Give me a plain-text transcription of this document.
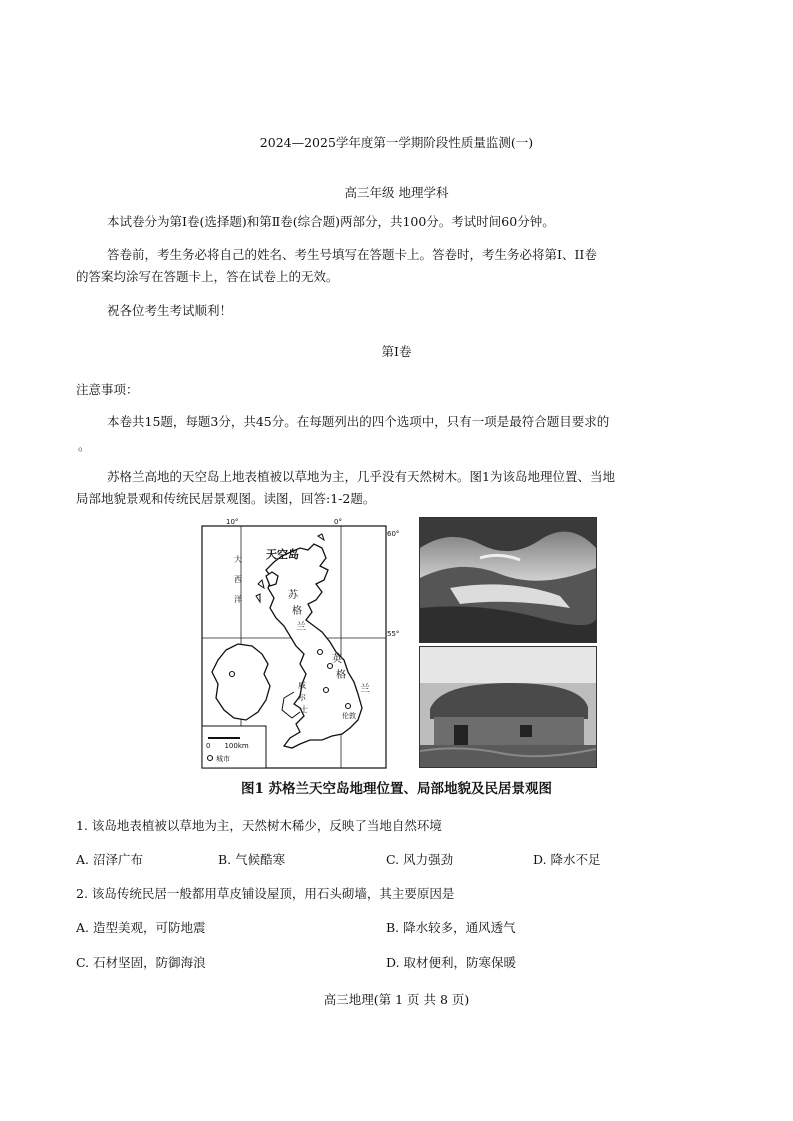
2024—2025学年度第一学期阶段性质量监测(一)
高三年级 地理学科
本试卷分为第Ⅰ卷(选择题)和第Ⅱ卷(综合题)两部分，共100分。考试时间60分钟。
答卷前，考生务必将自己的姓名、考生号填写在答题卡上。答卷时，考生务必将第Ⅰ、II卷
的答案均涂写在答题卡上，答在试卷上的无效。
祝各位考生考试顺利！
第Ⅰ卷
注意事项：
本卷共15题，每题3分，共45分。在每题列出的四个选项中，只有一项是最符合题目要求的
。
苏格兰高地的天空岛上地表植被以草地为主，几乎没有天然树木。图1为该岛地理位置、当地
局部地貌景观和传统民居景观图。读图，回答:1-2题。
10°	0°
60°
55°
天空岛
大
西
洋	苏
格
兰
英
格
兰
威
尔
士
伦敦
0　　100km
城市
图1 苏格兰天空岛地理位置、局部地貌及民居景观图
1. 该岛地表植被以草地为主，天然树木稀少，反映了当地自然环境
A. 沼泽广布	B. 气候酷寒	C. 风力强劲	D. 降水不足
2. 该岛传统民居一般都用草皮铺设屋顶，用石头砌墙，其主要原因是
A. 造型美观，可防地震	B. 降水较多，通风透气
C. 石材坚固，防御海浪	D. 取材便利，防寒保暖
高三地理(第 1 页 共 8 页)
